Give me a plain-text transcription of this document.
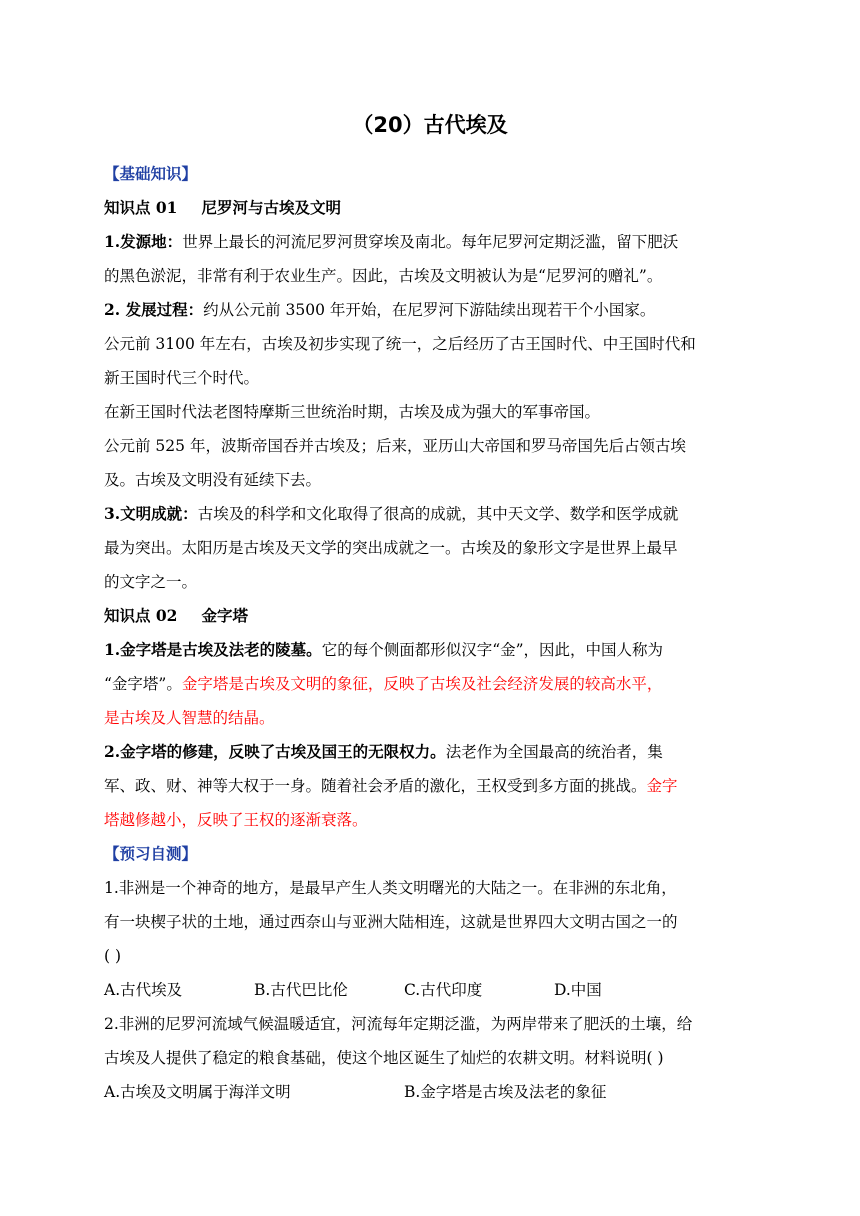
（20）古代埃及
【基础知识】
知识点 01 尼罗河与古埃及文明
1.发源地：世界上最长的河流尼罗河贯穿埃及南北。每年尼罗河定期泛滥，留下肥沃
的黑色淤泥，非常有利于农业生产。因此，古埃及文明被认为是“尼罗河的赠礼”。
2. 发展过程：约从公元前 3500 年开始，在尼罗河下游陆续出现若干个小国家。
公元前 3100 年左右，古埃及初步实现了统一，之后经历了古王国时代、中王国时代和
新王国时代三个时代。
在新王国时代法老图特摩斯三世统治时期，古埃及成为强大的军事帝国。
公元前 525 年，波斯帝国吞并古埃及；后来，亚历山大帝国和罗马帝国先后占领古埃
及。古埃及文明没有延续下去。
3.文明成就：古埃及的科学和文化取得了很高的成就，其中天文学、数学和医学成就
最为突出。太阳历是古埃及天文学的突出成就之一。古埃及的象形文字是世界上最早
的文字之一。
知识点 02 金字塔
1.金字塔是古埃及法老的陵墓。它的每个侧面都形似汉字“金”，因此，中国人称为
“金字塔”。金字塔是古埃及文明的象征，反映了古埃及社会经济发展的较高水平，
是古埃及人智慧的结晶。
2.金字塔的修建，反映了古埃及国王的无限权力。法老作为全国最高的统治者，集
军、政、财、神等大权于一身。随着社会矛盾的激化，王权受到多方面的挑战。金字
塔越修越小，反映了王权的逐渐衰落。
【预习自测】
1.非洲是一个神奇的地方，是最早产生人类文明曙光的大陆之一。在非洲的东北角，
有一块楔子状的土地，通过西奈山与亚洲大陆相连，这就是世界四大文明古国之一的
( )
A.古代埃及	B.古代巴比伦	C.古代印度	D.中国
2.非洲的尼罗河流域气候温暖适宜，河流每年定期泛滥，为两岸带来了肥沃的土壤，给
古埃及人提供了稳定的粮食基础，使这个地区诞生了灿烂的农耕文明。材料说明( )
A.古埃及文明属于海洋文明	B.金字塔是古埃及法老的象征
